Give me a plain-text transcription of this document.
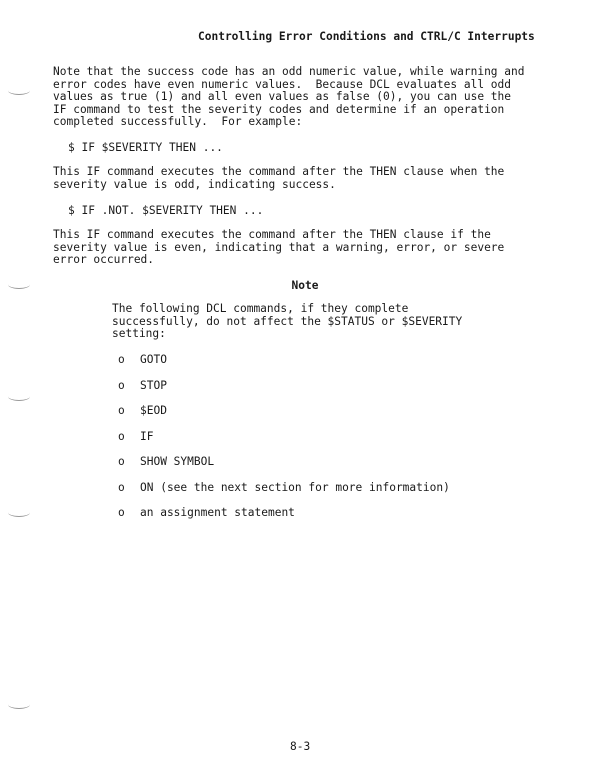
Controlling Error Conditions and CTRL/C Interrupts
Note that the success code has an odd numeric value, while warning and
error codes have even numeric values.  Because DCL evaluates all odd
values as true (1) and all even values as false (0), you can use the
IF command to test the severity codes and determine if an operation
completed successfully.  For example:
$ IF $SEVERITY THEN ...
This IF command executes the command after the THEN clause when the
severity value is odd, indicating success.
$ IF .NOT. $SEVERITY THEN ...
This IF command executes the command after the THEN clause if the
severity value is even, indicating that a warning, error, or severe
error occurred.
Note
The following DCL commands, if they complete
successfully, do not affect the $STATUS or $SEVERITY
setting:
o GOTO
o STOP
o $EOD
o IF
o SHOW SYMBOL
o ON (see the next section for more information)
o an assignment statement
8-3
